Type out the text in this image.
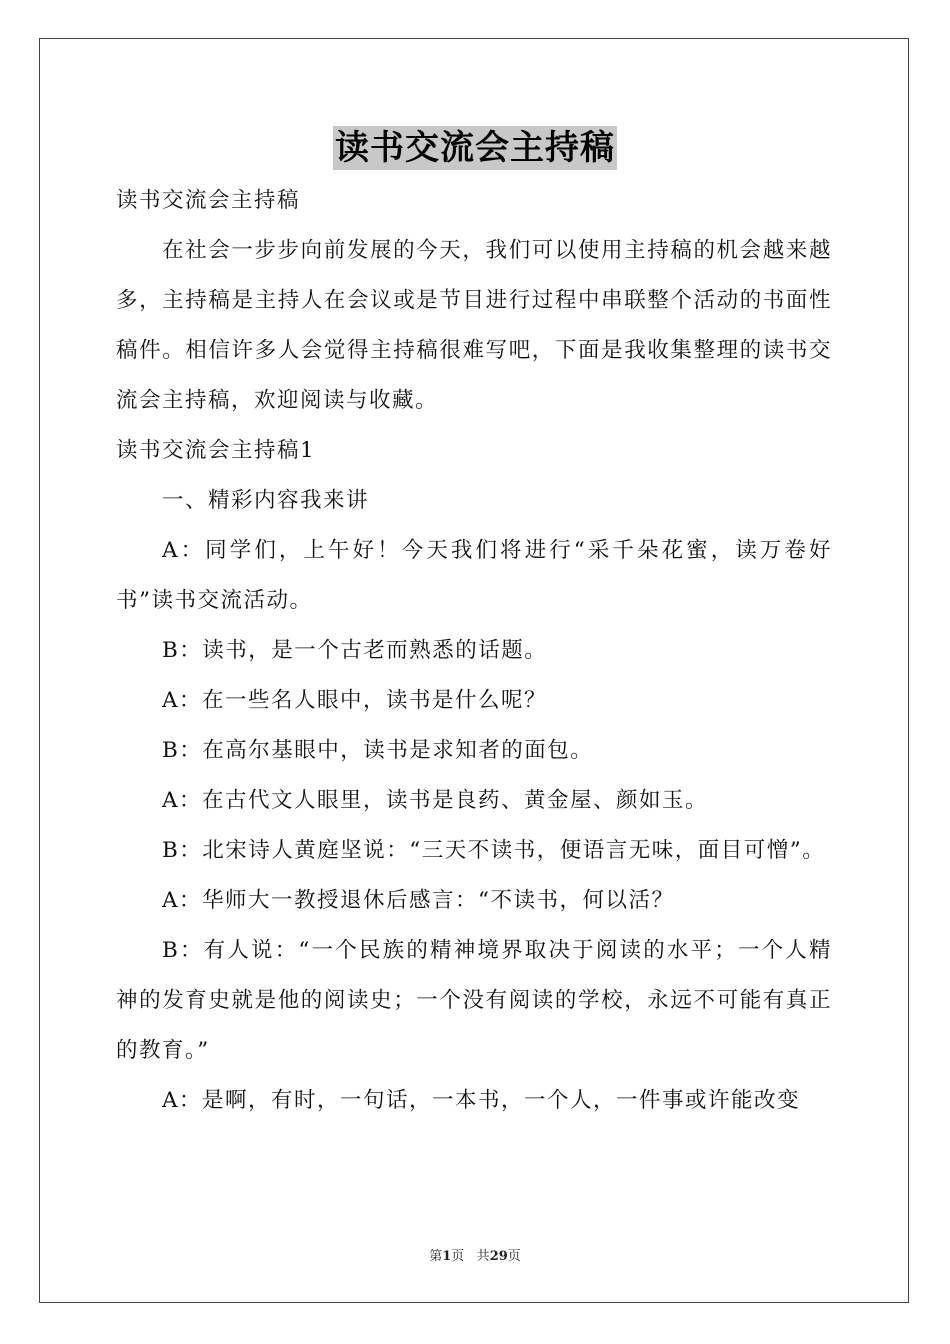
读书交流会主持稿

读书交流会主持稿

在社会一步步向前发展的今天，我们可以使用主持稿的机会越来越多，主持稿是主持人在会议或是节目进行过程中串联整个活动的书面性稿件。相信许多人会觉得主持稿很难写吧，下面是我收集整理的读书交流会主持稿，欢迎阅读与收藏。

读书交流会主持稿1

一、精彩内容我来讲

A：同学们，上午好！今天我们将进行“采千朵花蜜，读万卷好书”读书交流活动。

B：读书，是一个古老而熟悉的话题。

A：在一些名人眼中，读书是什么呢？

B：在高尔基眼中，读书是求知者的面包。

A：在古代文人眼里，读书是良药、黄金屋、颜如玉。

B：北宋诗人黄庭坚说：“三天不读书，便语言无味，面目可憎”。

A：华师大一教授退休后感言：“不读书，何以活？

B：有人说：“一个民族的精神境界取决于阅读的水平；一个人精神的发育史就是他的阅读史；一个没有阅读的学校，永远不可能有真正的教育。”

A：是啊，有时，一句话，一本书，一个人，一件事或许能改变

第1页 共29页
